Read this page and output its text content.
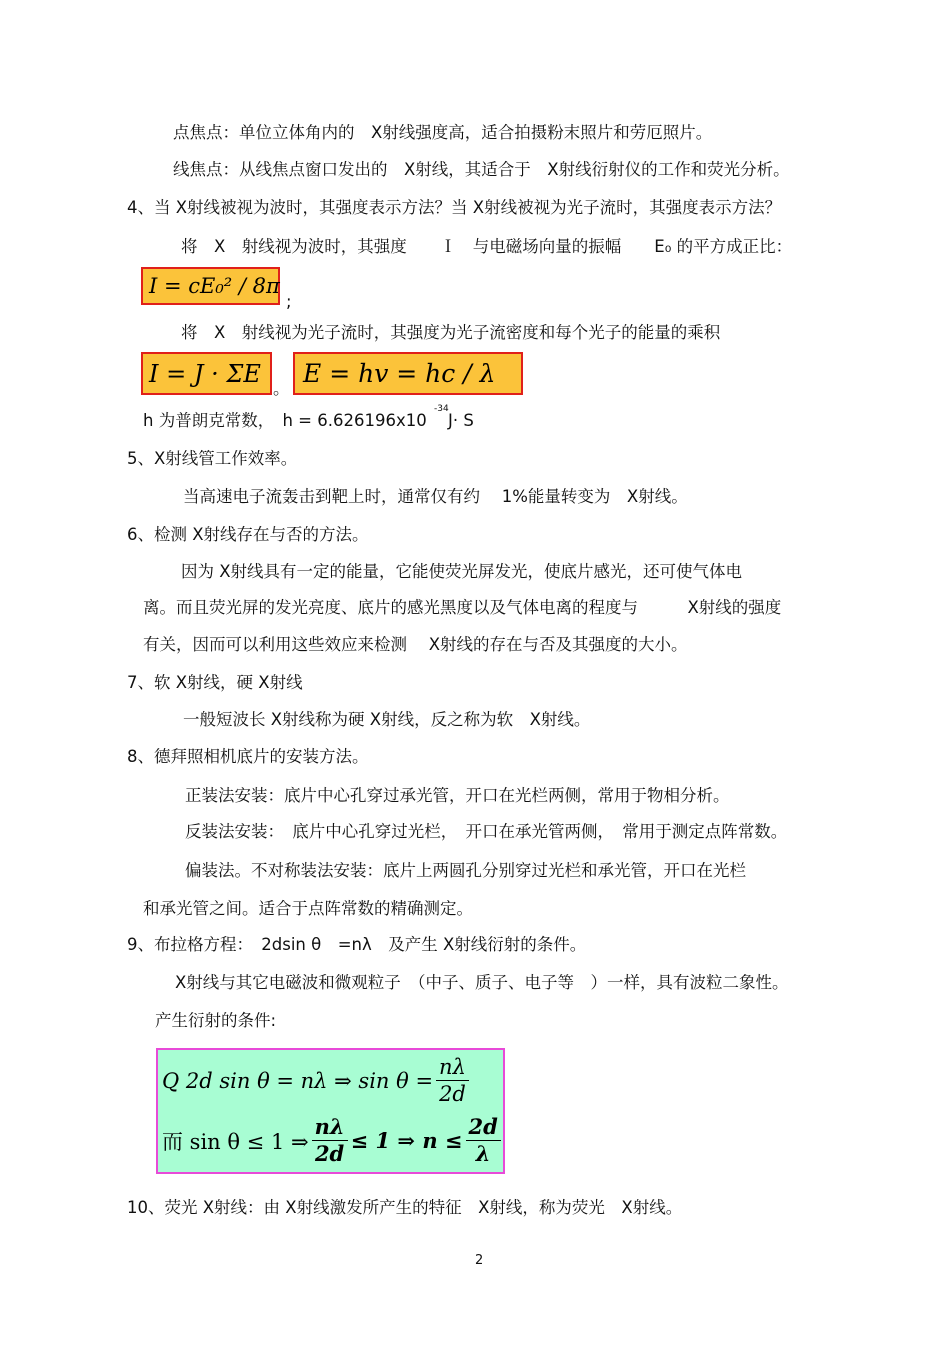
点焦点：单位立体角内的　X射线强度高，适合拍摄粉末照片和劳厄照片。
线焦点：从线焦点窗口发出的　X射线，其适合于　X射线衍射仪的工作和荧光分析。
4、当 X射线被视为波时，其强度表示方法？当 X射线被视为光子流时，其强度表示方法？
将　X　射线视为波时，其强度　　Ｉ　与电磁场向量的振幅　　E₀ 的平方成正比：
I = cE₀² / 8π
;
将　X　射线视为光子流时，其强度为光子流密度和每个光子的能量的乘积
I = J · ΣE
。
E = hv = hc / λ
h 为普朗克常数，　h = 6.626196x10
-34
J· S
5、X射线管工作效率。
当高速电子流轰击到靶上时，通常仅有约　 1%能量转变为　X射线。
6、检测 X射线存在与否的方法。
因为 X射线具有一定的能量，它能使荧光屏发光，使底片感光，还可使气体电
离。而且荧光屏的发光亮度、底片的感光黑度以及气体电离的程度与　　　X射线的强度
有关，因而可以利用这些效应来检测　 X射线的存在与否及其强度的大小。
7、软 X射线，硬 X射线
一般短波长 X射线称为硬 X射线，反之称为软　X射线。
8、德拜照相机底片的安装方法。
正装法安装：底片中心孔穿过承光管，开口在光栏两侧，常用于物相分析。
反装法安装：　底片中心孔穿过光栏，　开口在承光管两侧，　常用于测定点阵常数。
偏装法。不对称装法安装：底片上两圆孔分别穿过光栏和承光管，开口在光栏
和承光管之间。适合于点阵常数的精确测定。
9、布拉格方程：　2dsin θ　=nλ　及产生 X射线衍射的条件。
X射线与其它电磁波和微观粒子　（中子、质子、电子等　）一样，具有波粒二象性。
产生衍射的条件:
Q 2d sin θ = nλ ⇒ $\sin \theta = \frac{n\lambda}{2d}$
而 sin θ ≤ 1 ⇒ $\frac{n\lambda}{2d} \le 1$ ⇒ $n \le \frac{2d}{\lambda}$
10、荧光 X射线：由 X射线激发所产生的特征　X射线，称为荧光　X射线。
2
